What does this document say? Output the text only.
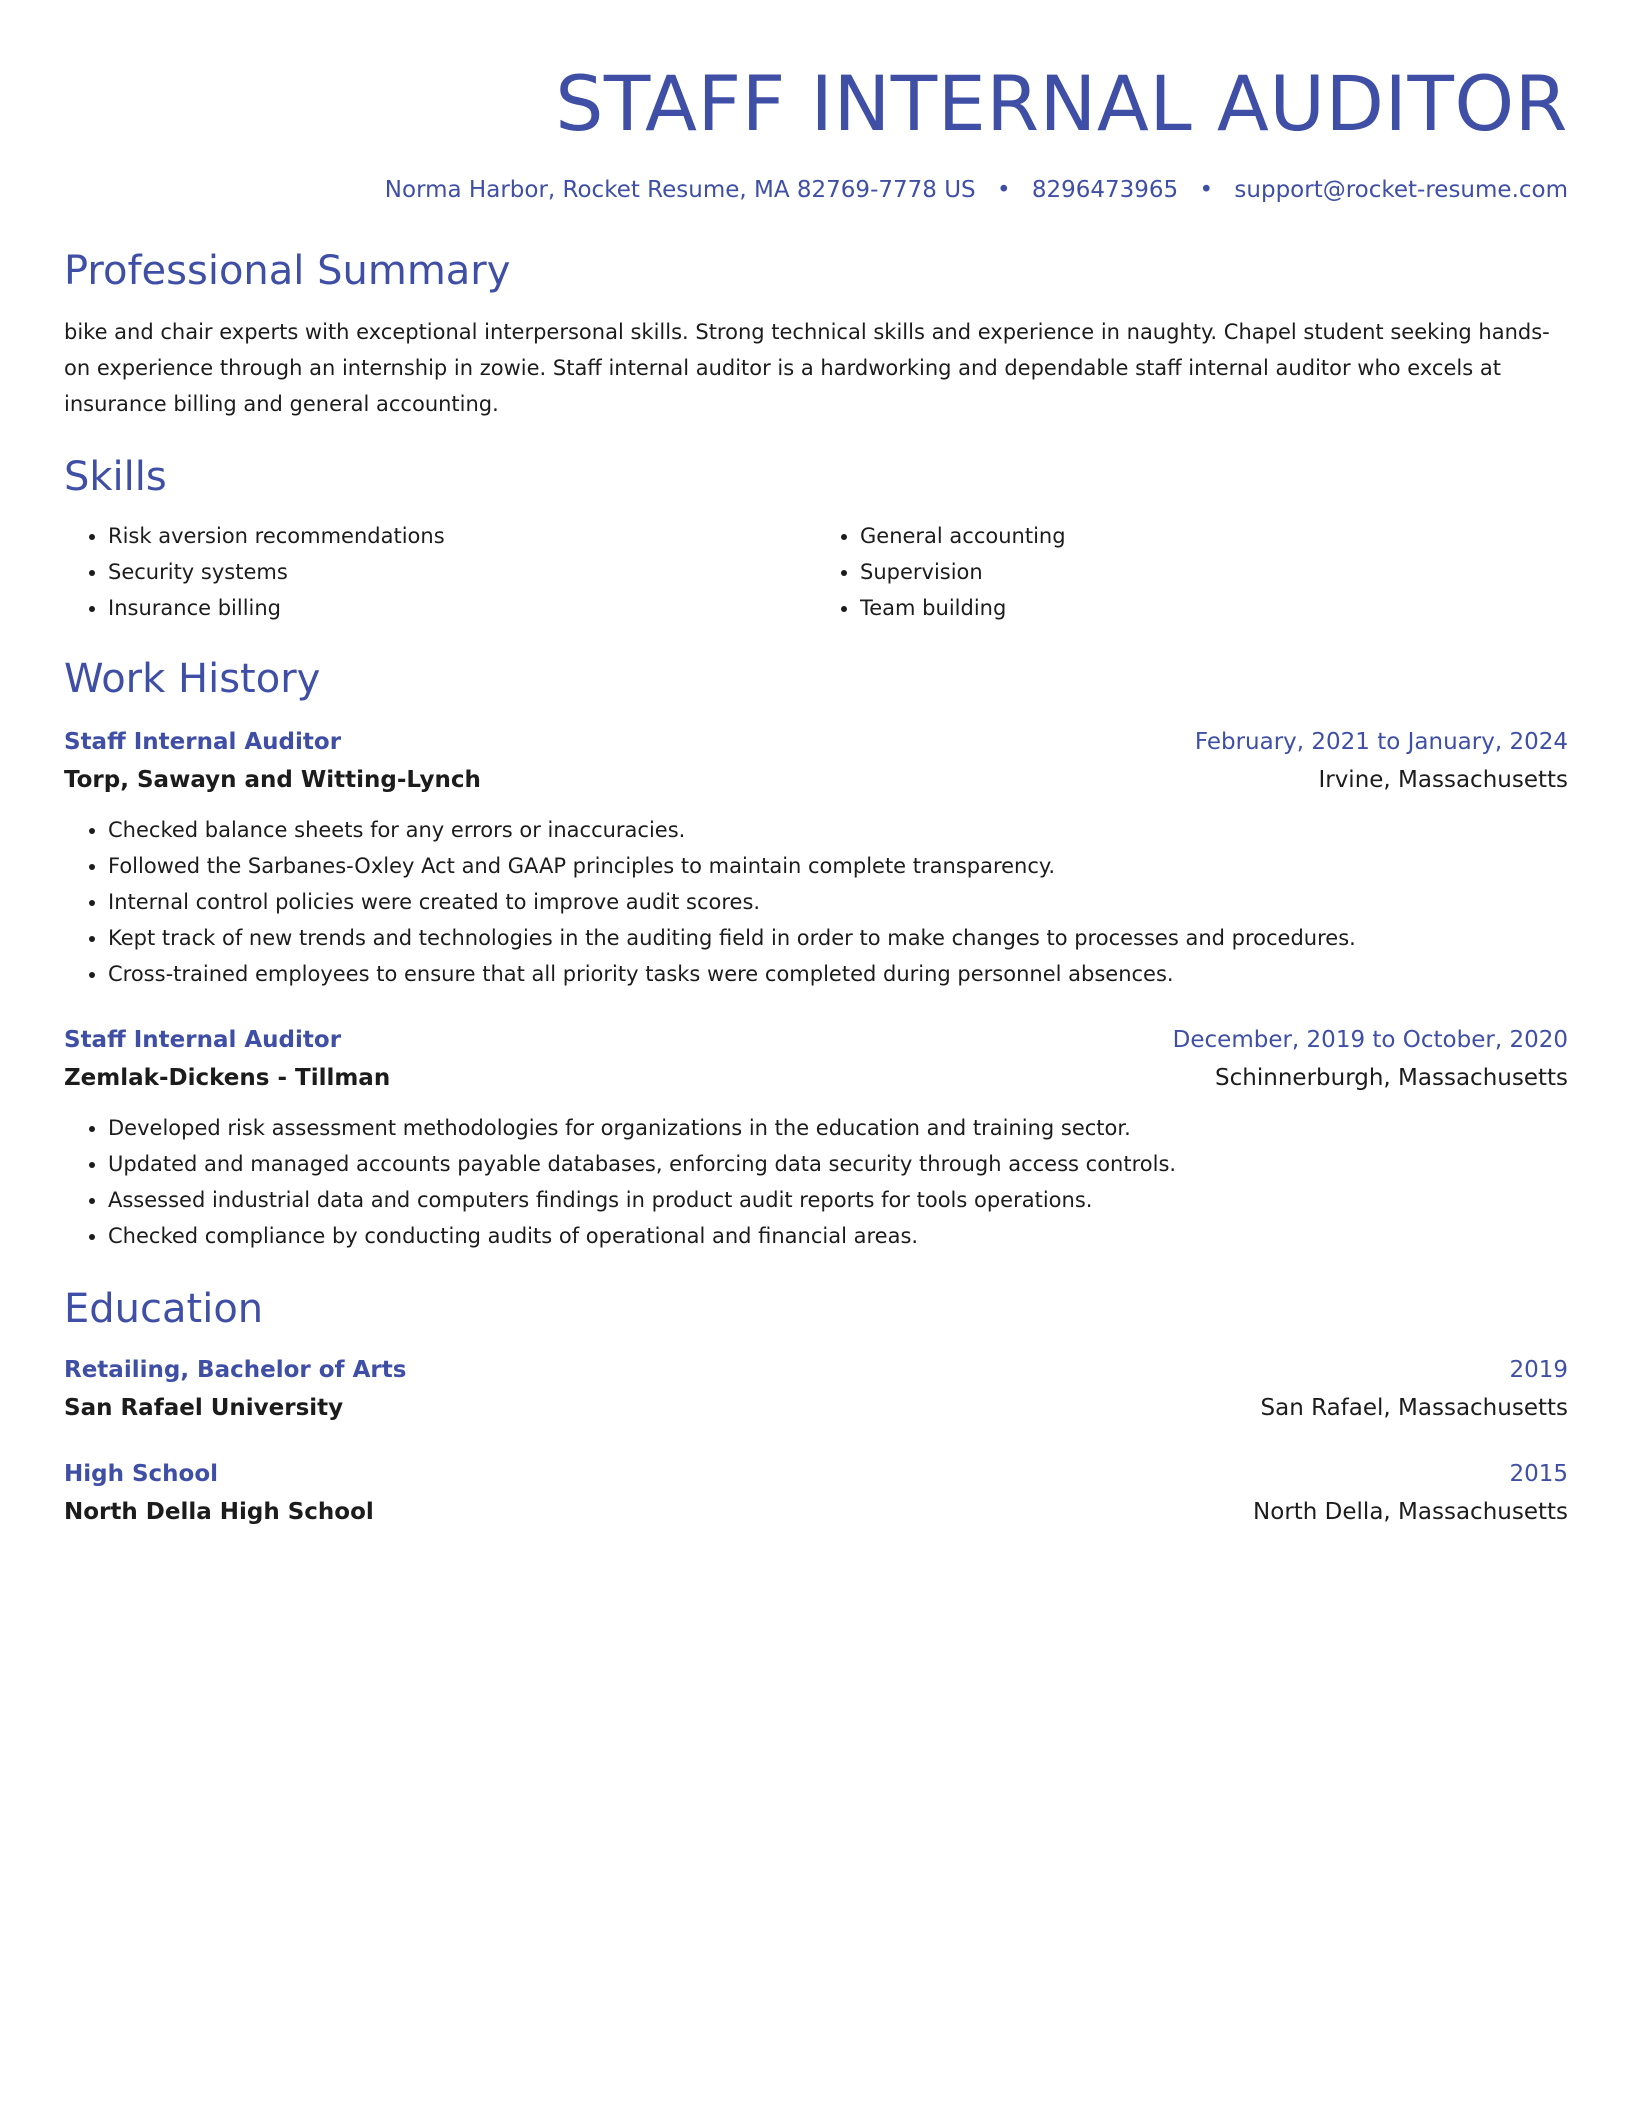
STAFF INTERNAL AUDITOR
Norma Harbor, Rocket Resume, MA 82769-7778 US • 8296473965 • support@rocket-resume.com
Professional Summary

bike and chair experts with exceptional interpersonal skills. Strong technical skills and experience in naughty. Chapel student seeking hands-on experience through an internship in zowie. Staff internal auditor is a hardworking and dependable staff internal auditor who excels at insurance billing and general accounting.

Skills
• Risk aversion recommendations
• Security systems
• Insurance billing
• General accounting
• Supervision
• Team building
Work History
Staff Internal Auditor	February, 2021 to January, 2024
Torp, Sawayn and Witting-Lynch	Irvine, Massachusetts
• Checked balance sheets for any errors or inaccuracies.
• Followed the Sarbanes-Oxley Act and GAAP principles to maintain complete transparency.
• Internal control policies were created to improve audit scores.
• Kept track of new trends and technologies in the auditing field in order to make changes to processes and procedures.
• Cross-trained employees to ensure that all priority tasks were completed during personnel absences.
Staff Internal Auditor	December, 2019 to October, 2020
Zemlak-Dickens - Tillman	Schinnerburgh, Massachusetts
• Developed risk assessment methodologies for organizations in the education and training sector.
• Updated and managed accounts payable databases, enforcing data security through access controls.
• Assessed industrial data and computers findings in product audit reports for tools operations.
• Checked compliance by conducting audits of operational and financial areas.
Education
Retailing, Bachelor of Arts	2019
San Rafael University	San Rafael, Massachusetts
High School	2015
North Della High School	North Della, Massachusetts
